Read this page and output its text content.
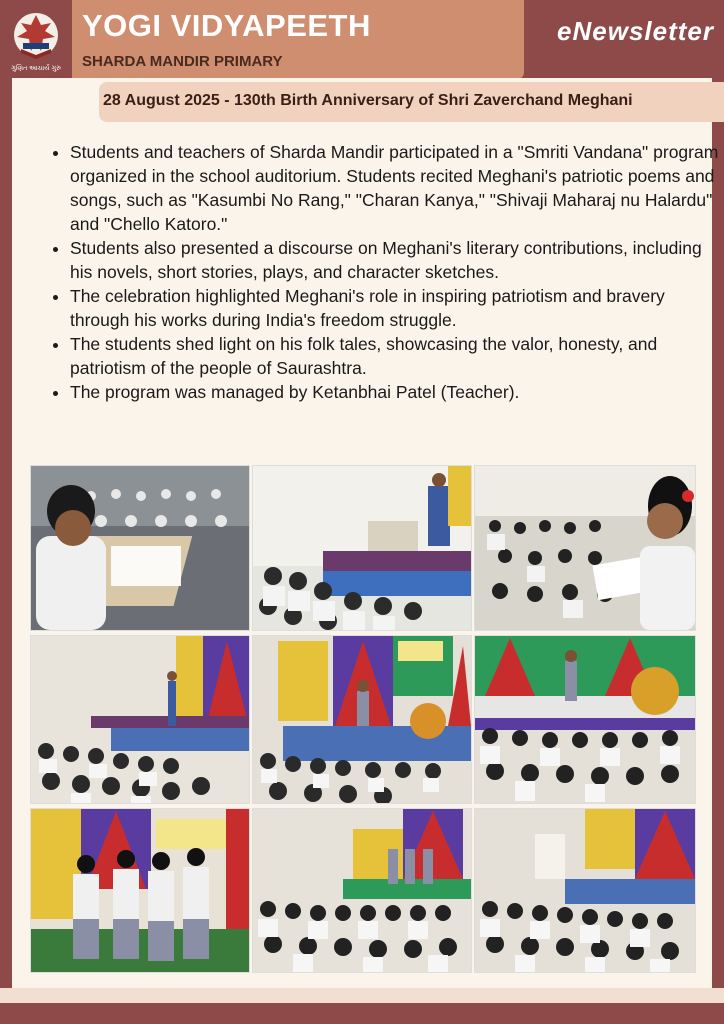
ગુણિત આચાર્ય ગુરુ
YOGI VIDYAPEETH
SHARDA MANDIR PRIMARY
eNewsletter
28 August 2025 - 130th Birth Anniversary of Shri Zaverchand Meghani
• Students and teachers of Sharda Mandir participated in a "Smriti Vandana" program organized in the school auditorium. Students recited Meghani's patriotic poems and songs, such as "Kasumbi No Rang," "Charan Kanya," "Shivaji Maharaj nu Halardu" and "Chello Katoro."
• Students also presented a discourse on Meghani's literary contributions, including his novels, short stories, plays, and character sketches.
• The celebration highlighted Meghani's role in inspiring patriotism and bravery through his works during India's freedom struggle.
• The students shed light on his folk tales, showcasing the valor, honesty, and patriotism of the people of Saurashtra.
• The program was managed by Ketanbhai Patel (Teacher).
